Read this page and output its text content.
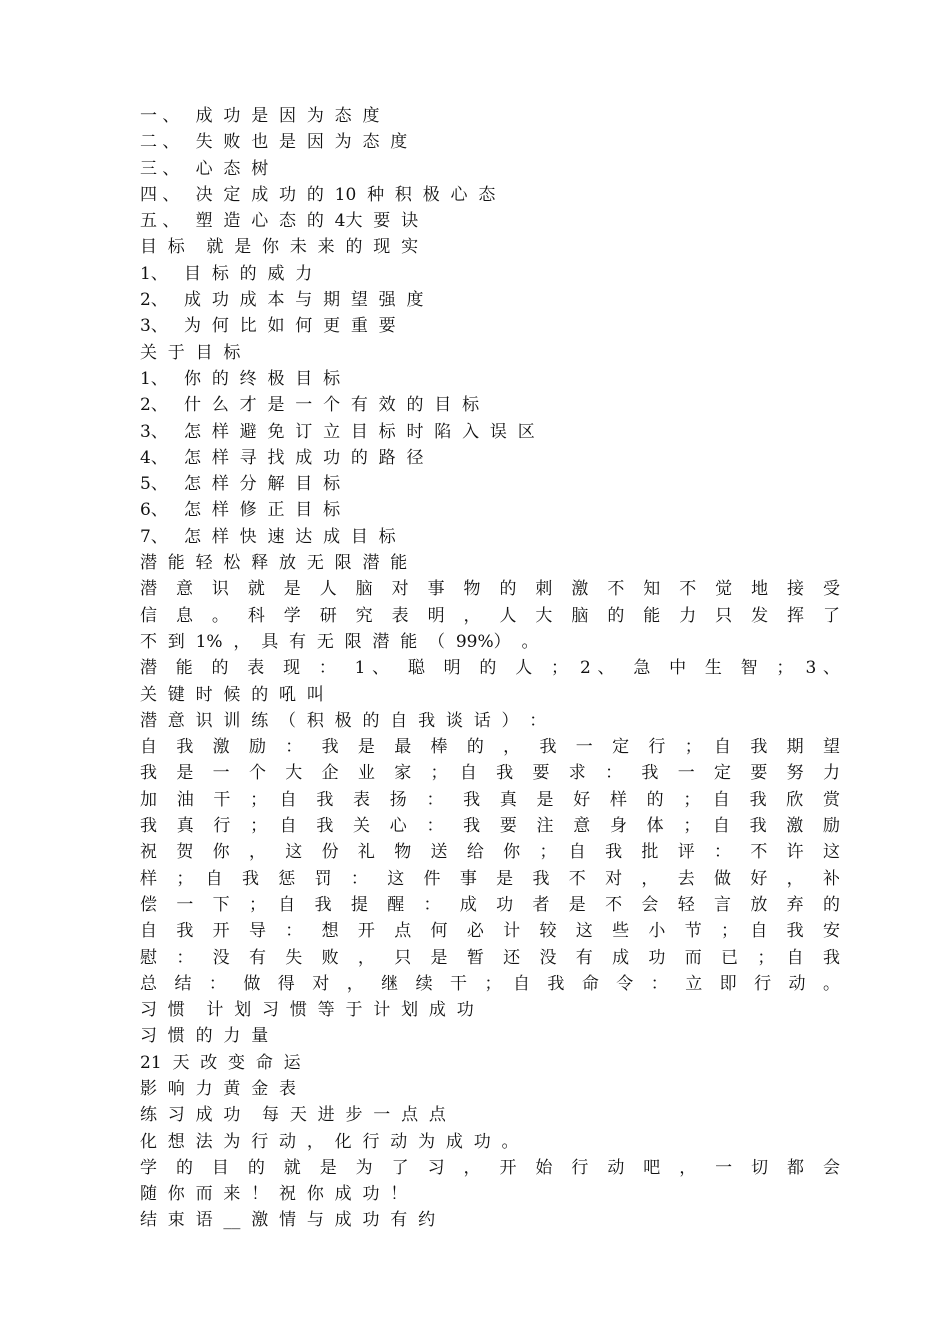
一 、   成  功  是  因  为  态  度
二 、   失  败  也  是  因  为  态  度
三 、   心  态  树
四 、   决  定  成  功  的  10  种  积  极  心  态
五 、   塑  造  心  态  的  4大  要  诀
目  标    就  是  你  未  来  的  现  实
1、   目  标  的  威  力
2、   成  功  成  本  与  期  望  强  度
3、   为  何  比  如  何  更  重  要
关  于  目  标
1、   你  的  终  极  目  标
2、   什  么  才  是  一  个  有  效  的  目  标
3、   怎  样  避  免  订  立  目  标  时  陷  入  误  区
4、   怎  样  寻  找  成  功  的  路  径
5、   怎  样  分  解  目  标
6、   怎  样  修  正  目  标
7、   怎  样  快  速  达  成  目  标
潜  能  轻  松  释  放  无  限  潜  能
潜 意 识 就 是 人 脑 对 事 物 的 刺 激 不 知 不 觉 地 接 受
信 息 。 科 学 研 究 表 明 ， 人 大 脑 的 能 力 只 发 挥 了
不  到  1%  ，  具  有  无  限  潜  能  （  99%）  。
潜 能 的 表 现 ： 1、 聪 明 的 人 ； 2、 急 中 生 智 ； 3、
关  键  时  候  的  吼  叫
潜  意  识  训  练  （  积  极  的  自  我  谈  话  ）  ：
自 我 激 励 ： 我 是 最 棒 的 ， 我 一 定 行 ； 自 我 期 望
我 是 一 个 大 企 业 家 ； 自 我 要 求 ： 我 一 定 要 努 力
加 油 干 ； 自 我 表 扬 ： 我 真 是 好 样 的 ； 自 我 欣 赏
我 真 行 ； 自 我 关 心 ： 我 要 注 意 身 体 ； 自 我 激 励
祝 贺 你 ， 这 份 礼 物 送 给 你 ； 自 我 批 评 ： 不 许 这
样 ； 自 我 惩 罚 ： 这 件 事 是 我 不 对 ， 去 做 好 ， 补
偿 一 下 ； 自 我 提 醒 ： 成 功 者 是 不 会 轻 言 放 弃 的
自 我 开 导 ： 想 开 点 何 必 计 较 这 些 小 节 ； 自 我 安
慰 ： 没 有 失 败 ， 只 是 暂 还 没 有 成 功 而 已 ； 自 我
总 结 ： 做 得 对 ， 继 续 干 ； 自 我 命 令 ： 立 即 行 动 。
习  惯    计  划  习  惯  等  于  计  划  成  功
习  惯  的  力  量
21  天  改  变  命  运
影  响  力  黄  金  表
练  习  成  功    每  天  进  步  一  点  点
化  想  法  为  行  动  ，  化  行  动  为  成  功  。
学 的 目 的 就 是 为 了 习 ， 开 始 行 动 吧 ， 一 切 都 会
随  你  而  来  ！  祝  你  成  功  ！
结  束  语  __  激  情  与  成  功  有  约
